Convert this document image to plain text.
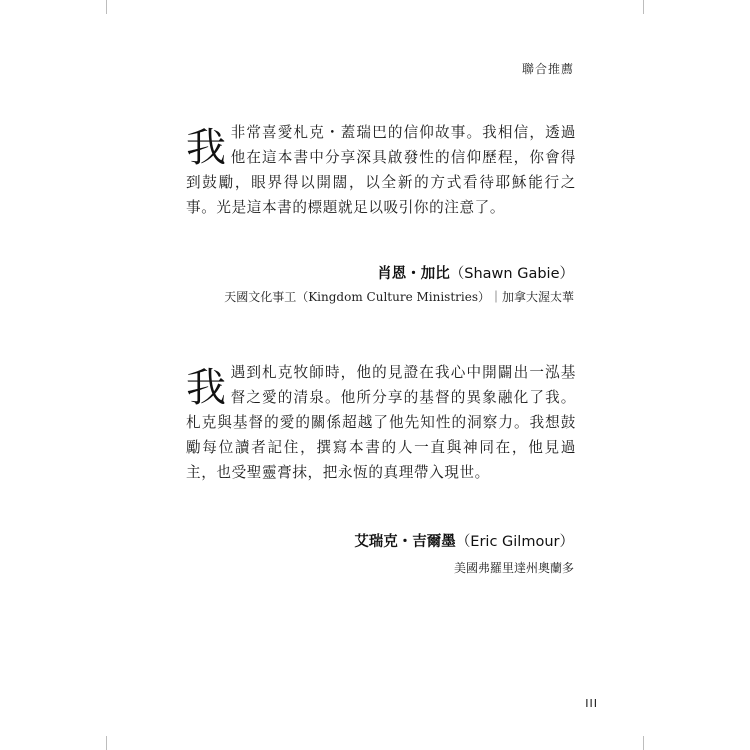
聯合推薦

我非常喜愛札克・蓋瑞巴的信仰故事。我相信，透過他在這本書中分享深具啟發性的信仰歷程，你會得到鼓勵，眼界得以開闊，以全新的方式看待耶穌能行之事。光是這本書的標題就足以吸引你的注意了。

肖恩・加比（Shawn Gabie）
天國文化事工（Kingdom Culture Ministries）｜加拿大渥太華

我遇到札克牧師時，他的見證在我心中開闢出一泓基督之愛的清泉。他所分享的基督的異象融化了我。札克與基督的愛的關係超越了他先知性的洞察力。我想鼓勵每位讀者記住，撰寫本書的人一直與神同在，他見過主，也受聖靈膏抹，把永恆的真理帶入現世。

艾瑞克・吉爾墨（Eric Gilmour）
美國弗羅里達州奧蘭多
III
